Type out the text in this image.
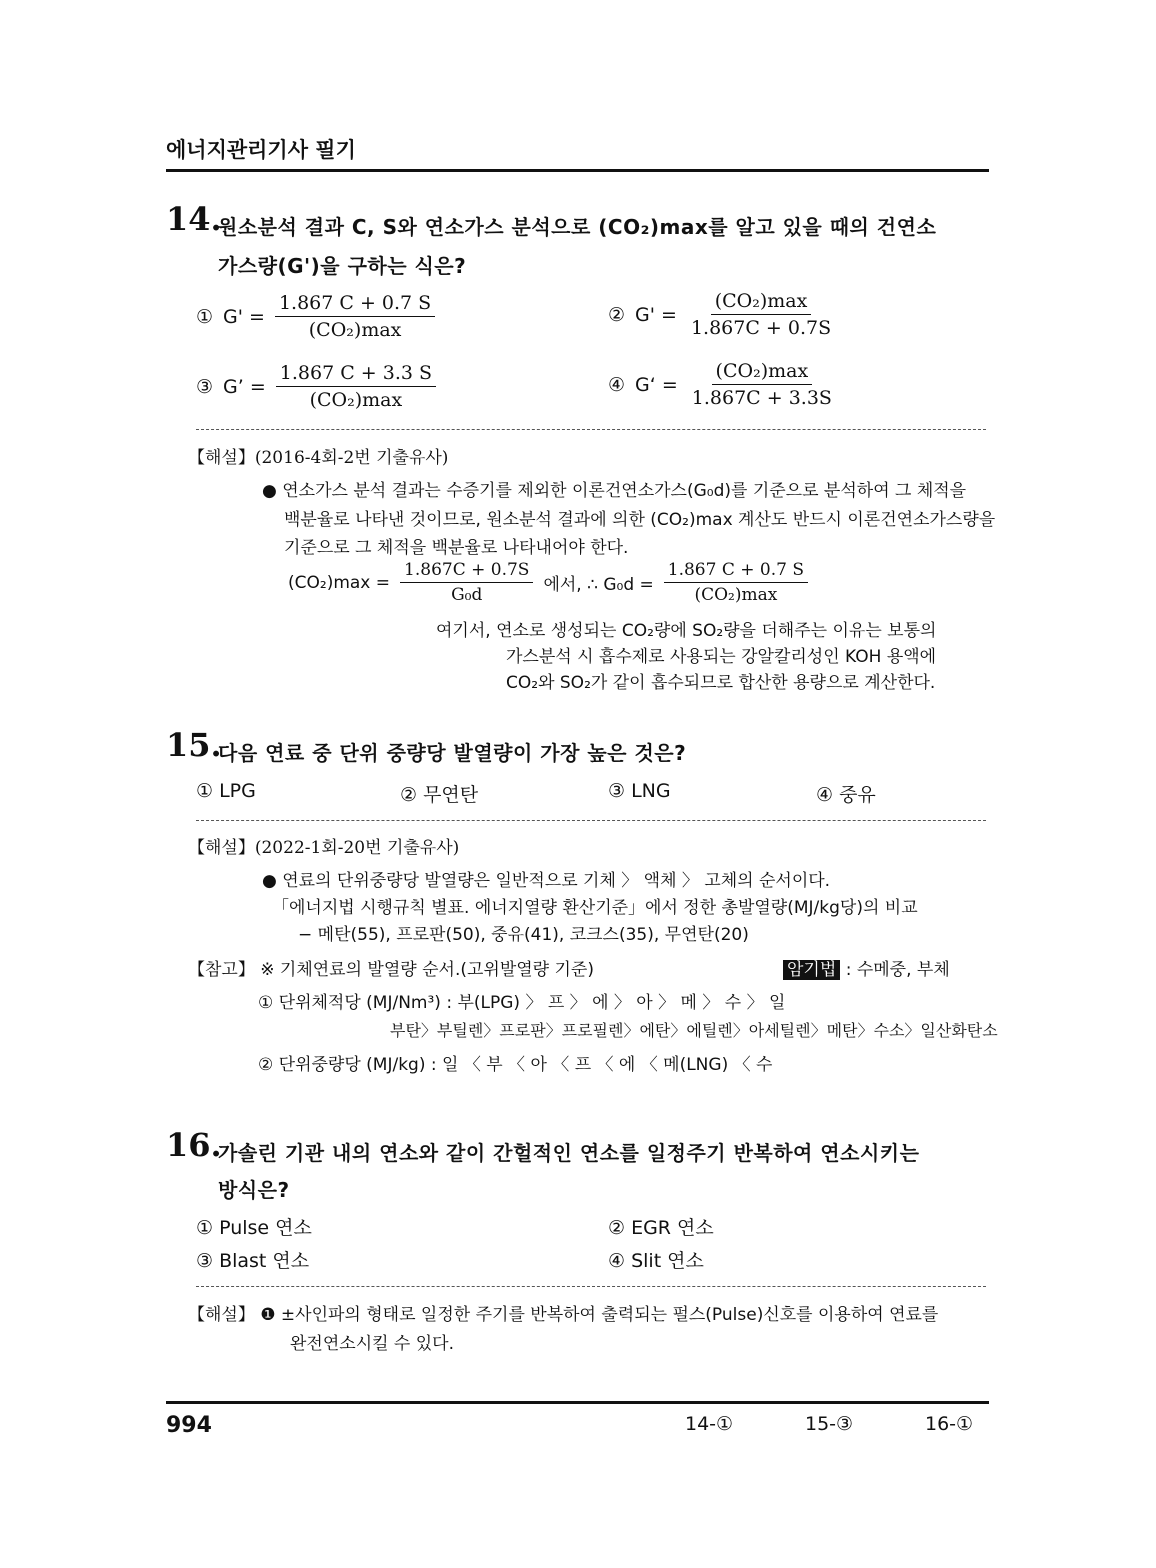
에너지관리기사 필기
14.
원소분석 결과 C, S와 연소가스 분석으로 (CO₂)max를 알고 있을 때의 건연소
가스량(G')을 구하는 식은?
① $G' = \frac{1.867 C + 0.7 S}{\text{(CO₂)max}}$	② $G' = \frac{\text{(CO₂)max}}{1.867C + 0.7S}$
③ G’ = $\frac{1.867 C + 3.3 S}{\text{(CO₂)max}}$	④ G‘ = $\frac{\text{(CO₂)max}}{1.867C + 3.3S}$
【해설】(2016-4회-2번 기출유사)
● 연소가스 분석 결과는 수증기를 제외한 이론건연소가스(G₀d)를 기준으로 분석하여 그 체적을
백분율로 나타낸 것이므로, 원소분석 결과에 의한 (CO₂)max 계산도 반드시 이론건연소가스량을
기준으로 그 체적을 백분율로 나타내어야 한다.
$(CO_2)\max = \frac{1.867C + 0.7S}{\text{G₀d}}$ 에서, ∴ $G_0d = \frac{1.867 C + 0.7 S}{\text{(CO₂)max}}$
여기서, 연소로 생성되는 CO₂량에 SO₂량을 더해주는 이유는 보통의
가스분석 시 흡수제로 사용되는 강알칼리성인 KOH 용액에
CO₂와 SO₂가 같이 흡수되므로 합산한 용량으로 계산한다.
15.
다음 연료 중 단위 중량당 발열량이 가장 높은 것은?
① LPG	② 무연탄	③ LNG	④ 중유
【해설】(2022-1회-20번 기출유사)
● 연료의 단위중량당 발열량은 일반적으로 기체 〉 액체 〉 고체의 순서이다.
「에너지법 시행규칙 별표. 에너지열량 환산기준」에서 정한 총발열량(MJ/kg당)의 비교
− 메탄(55), 프로판(50), 중유(41), 코크스(35), 무연탄(20)
【참고】 ※ 기체연료의 발열량 순서.(고위발열량 기준)	암기법 : 수메중, 부체
① 단위체적당 (MJ/Nm³) : 부(LPG) 〉 프 〉 에 〉 아 〉 메 〉 수 〉 일
부탄〉부틸렌〉프로판〉프로필렌〉에탄〉에틸렌〉아세틸렌〉메탄〉수소〉일산화탄소
② 단위중량당 (MJ/kg) : 일 〈 부 〈 아 〈 프 〈 에 〈 메(LNG) 〈 수
16.
가솔린 기관 내의 연소와 같이 간헐적인 연소를 일정주기 반복하여 연소시키는
방식은?
① Pulse 연소	② EGR 연소
③ Blast 연소	④ Slit 연소
【해설】 ❶ ±사인파의 형태로 일정한 주기를 반복하여 출력되는 펄스(Pulse)신호를 이용하여 연료를
완전연소시킬 수 있다.
994	14-①	15-③	16-①
